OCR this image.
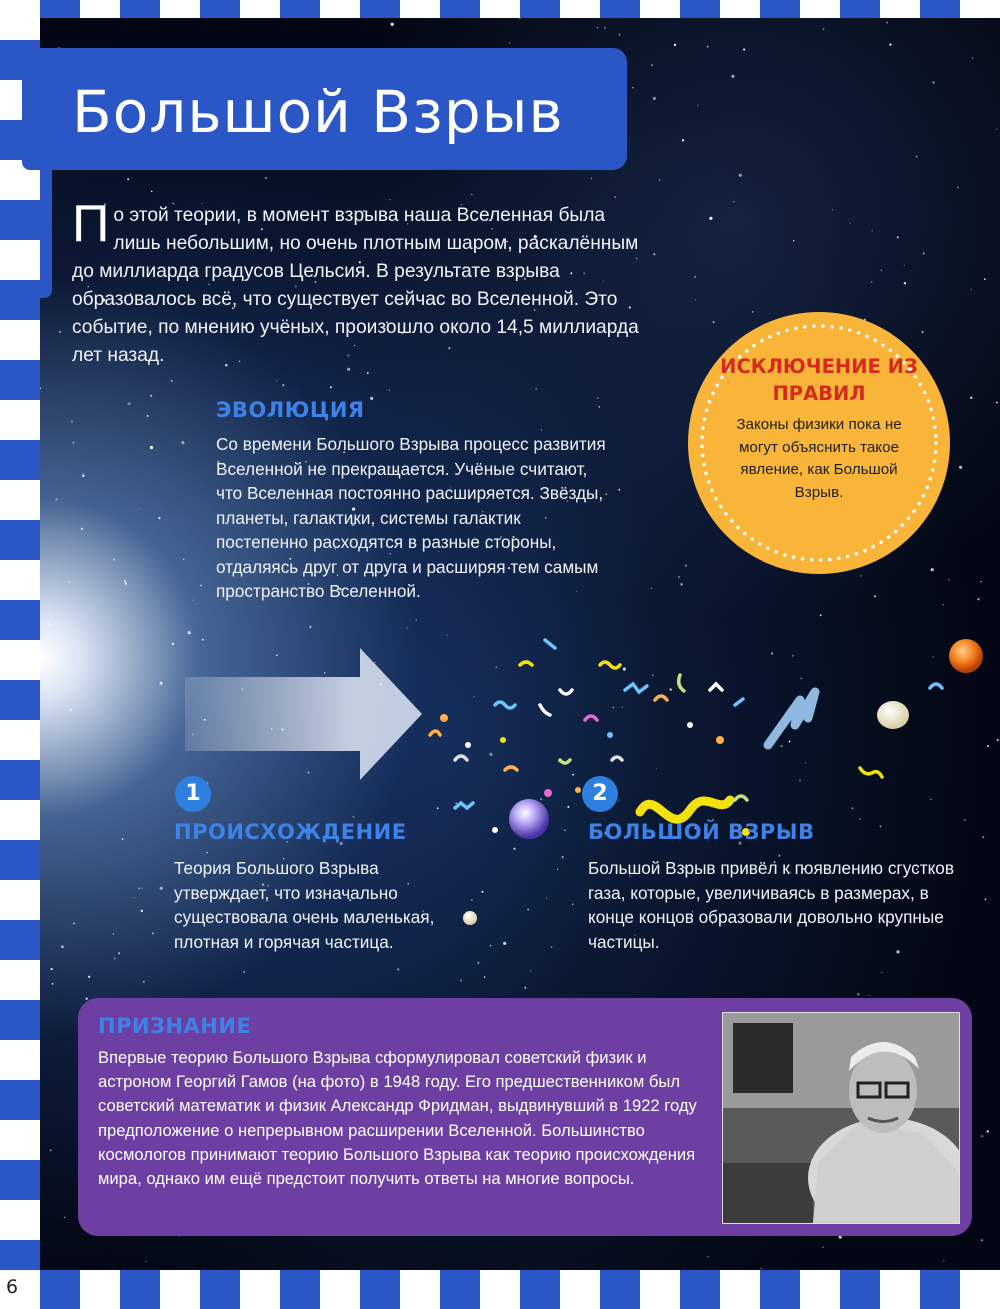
Большой Взрыв

По этой теории, в момент взрыва наша Вселенная была лишь небольшим, но очень плотным шаром, раскалённым до миллиарда градусов Цельсия. В результате взрыва образовалось всё, что существует сейчас во Вселенной. Это событие, по мнению учёных, произошло около 14,5 миллиарда лет назад.

ЭВОЛЮЦИЯ

Со времени Большого Взрыва процесс развития Вселенной не прекращается. Учёные считают, что Вселенная постоянно расширяется. Звёзды, планеты, галактики, системы галактик постепенно расходятся в разные стороны, отдаляясь друг от друга и расширяя тем самым пространство Вселенной.

ИСКЛЮЧЕНИЕ ИЗ ПРАВИЛ

Законы физики пока не могут объяснить такое явление, как Большой Взрыв.

1
ПРОИСХОЖДЕНИЕ

Теория Большого Взрыва утверждает, что изначально существовала очень маленькая, плотная и горячая частица.

2
БОЛЬШОЙ ВЗРЫВ

Большой Взрыв привёл к появлению сгустков газа, которые, увеличиваясь в размерах, в конце концов образовали довольно крупные частицы.

ПРИЗНАНИЕ

Впервые теорию Большого Взрыва сформулировал советский физик и астроном Георгий Гамов (на фото) в 1948 году. Его предшественником был советский математик и физик Александр Фридман, выдвинувший в 1922 году предположение о непрерывном расширении Вселенной. Большинство космологов принимают теорию Большого Взрыва как теорию происхождения мира, однако им ещё предстоит получить ответы на многие вопросы.

6
